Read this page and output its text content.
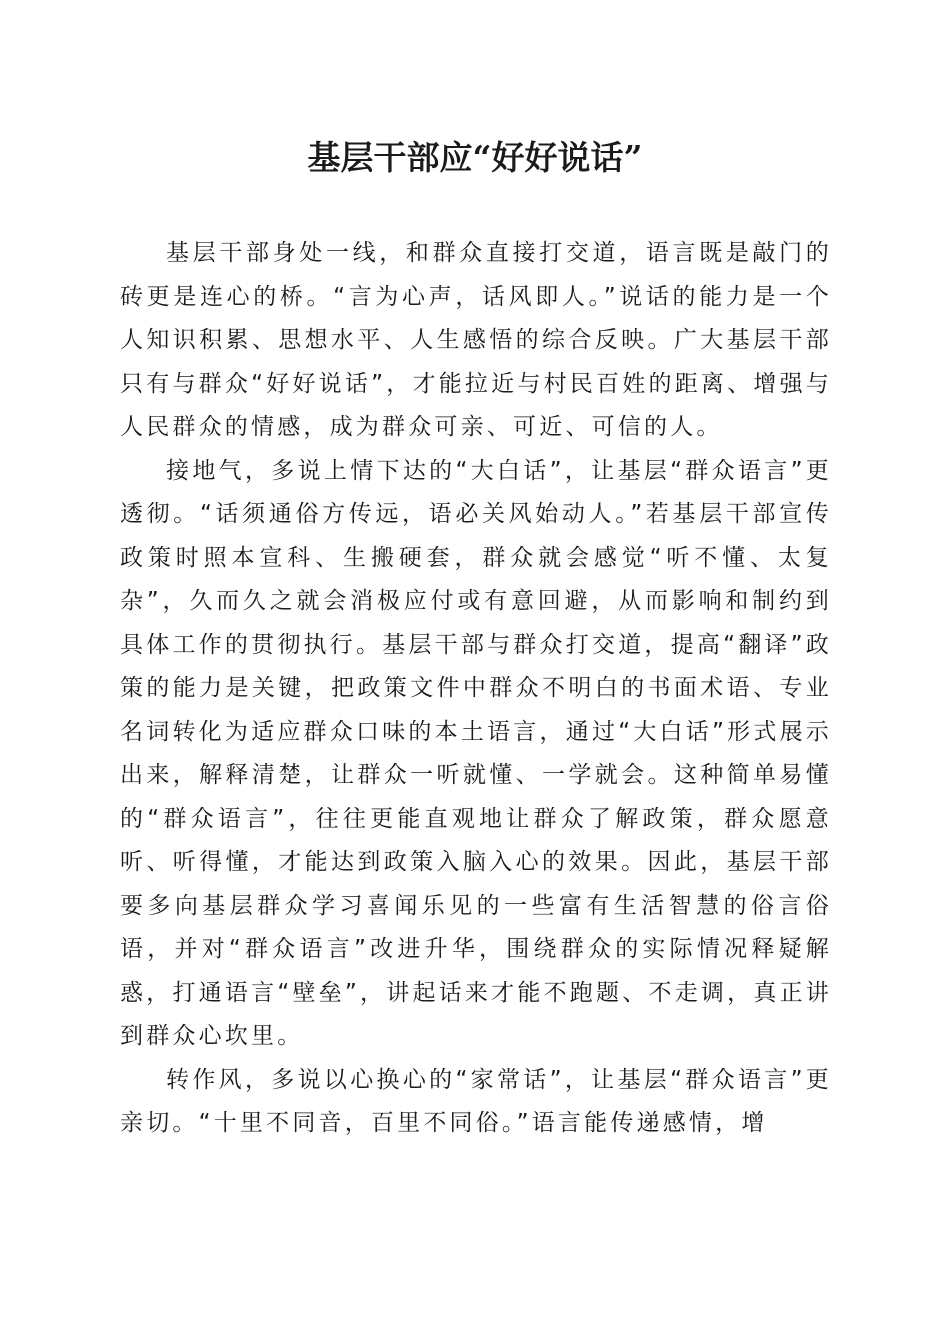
基层干部应“好好说话”

基层干部身处一线，和群众直接打交道，语言既是敲门的砖更是连心的桥。“言为心声，话风即人。”说话的能力是一个人知识积累、思想水平、人生感悟的综合反映。广大基层干部只有与群众“好好说话”，才能拉近与村民百姓的距离、增强与人民群众的情感，成为群众可亲、可近、可信的人。

接地气，多说上情下达的“大白话”，让基层“群众语言”更透彻。“话须通俗方传远，语必关风始动人。”若基层干部宣传政策时照本宣科、生搬硬套，群众就会感觉“听不懂、太复杂”，久而久之就会消极应付或有意回避，从而影响和制约到具体工作的贯彻执行。基层干部与群众打交道，提高“翻译”政策的能力是关键，把政策文件中群众不明白的书面术语、专业名词转化为适应群众口味的本土语言，通过“大白话”形式展示出来，解释清楚，让群众一听就懂、一学就会。这种简单易懂的“群众语言”，往往更能直观地让群众了解政策，群众愿意听、听得懂，才能达到政策入脑入心的效果。因此，基层干部要多向基层群众学习喜闻乐见的一些富有生活智慧的俗言俗语，并对“群众语言”改进升华，围绕群众的实际情况释疑解惑，打通语言“壁垒”，讲起话来才能不跑题、不走调，真正讲到群众心坎里。

转作风，多说以心换心的“家常话”，让基层“群众语言”更亲切。“十里不同音，百里不同俗。”语言能传递感情，增
